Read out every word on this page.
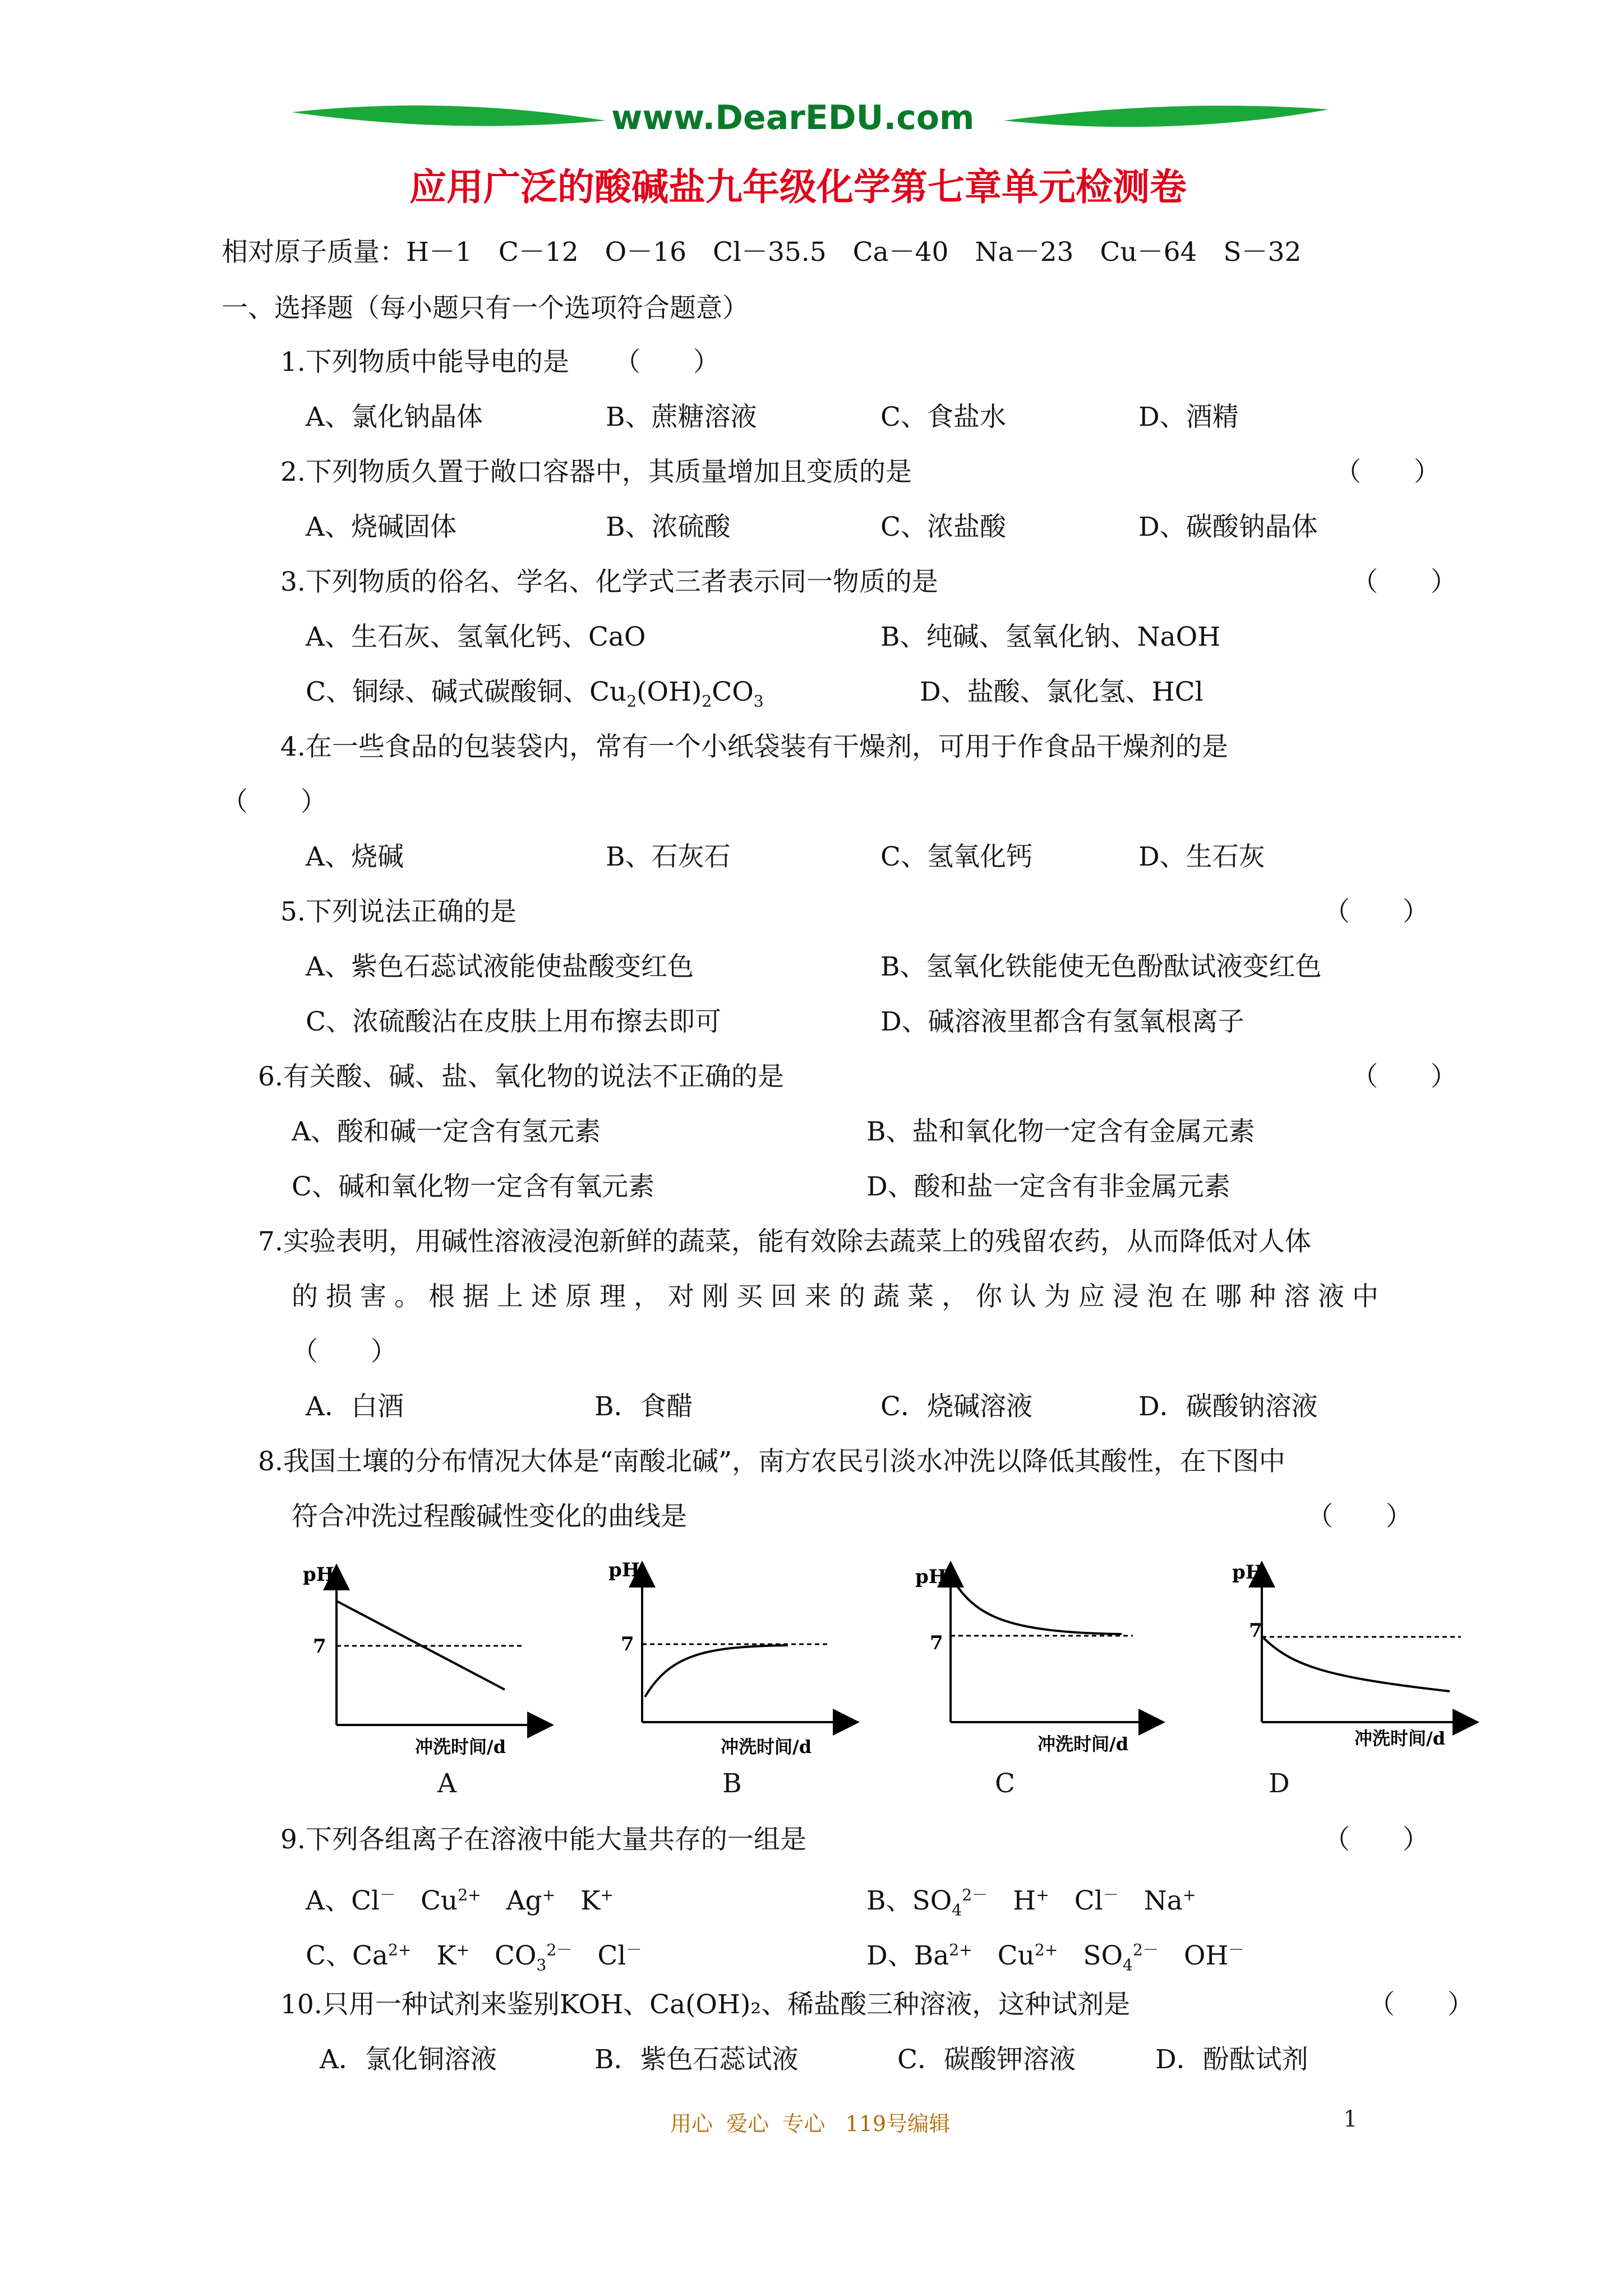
www.DearEDU.com
应用广泛的酸碱盐九年级化学第七章单元检测卷
相对原子质量：H－1　C－12　O－16　Cl－35.5　Ca－40　Na－23　Cu－64　S－32
一、选择题（每小题只有一个选项符合题意）
1.下列物质中能导电的是 （　　）
A、氯化钠晶体	B、蔗糖溶液	C、食盐水	D、酒精
2.下列物质久置于敞口容器中，其质量增加且变质的是	（　　）
A、烧碱固体	B、浓硫酸	C、浓盐酸	D、碳酸钠晶体
3.下列物质的俗名、学名、化学式三者表示同一物质的是	（　　）
A、生石灰、氢氧化钙、CaO	B、纯碱、氢氧化钠、NaOH
C、铜绿、碱式碳酸铜、$Cu_2(OH)_2CO_3$	D、盐酸、氯化氢、HCl
4.在一些食品的包装袋内，常有一个小纸袋装有干燥剂，可用于作食品干燥剂的是
（　　）
A、烧碱	B、石灰石	C、氢氧化钙	D、生石灰
5.下列说法正确的是	（　　）
A、紫色石蕊试液能使盐酸变红色	B、氢氧化铁能使无色酚酞试液变红色
C、浓硫酸沾在皮肤上用布擦去即可	D、碱溶液里都含有氢氧根离子
6.有关酸、碱、盐、氧化物的说法不正确的是	（　　）
A、酸和碱一定含有氢元素	B、盐和氧化物一定含有金属元素
C、碱和氧化物一定含有氧元素	D、酸和盐一定含有非金属元素
7.实验表明，用碱性溶液浸泡新鲜的蔬菜，能有效除去蔬菜上的残留农药，从而降低对人体
的损害。根据上述原理，对刚买回来的蔬菜，你认为应浸泡在哪种溶液中
（　　）
A．白酒	B．食醋	C．烧碱溶液	D．碳酸钠溶液
8.我国土壤的分布情况大体是“南酸北碱”，南方农民引淡水冲洗以降低其酸性，在下图中
符合冲洗过程酸碱性变化的曲线是	（　　）
pH
7
冲洗时间/d
A
pH
7
冲洗时间/d
B
pH
7
冲洗时间/d
C
pH
7
冲洗时间/d
D
9.下列各组离子在溶液中能大量共存的一组是	（　　）
A、Cl－ $Cu^{2+}$ Ag+ K+	B、$SO_4^{2-}$ H+ Cl－ Na+
C、$Ca^{2+}$ K+ $CO_3^{2-}$ Cl－	D、$Ba^{2+}$ $Cu^{2+}$ $SO_4^{2-}$ OH－
10.只用一种试剂来鉴别KOH、Ca(OH)₂、稀盐酸三种溶液，这种试剂是	（　　）
A．氯化铜溶液	B．紫色石蕊试液	C．碳酸钾溶液	D．酚酞试剂
用心  爱心  专心   119号编辑	1
